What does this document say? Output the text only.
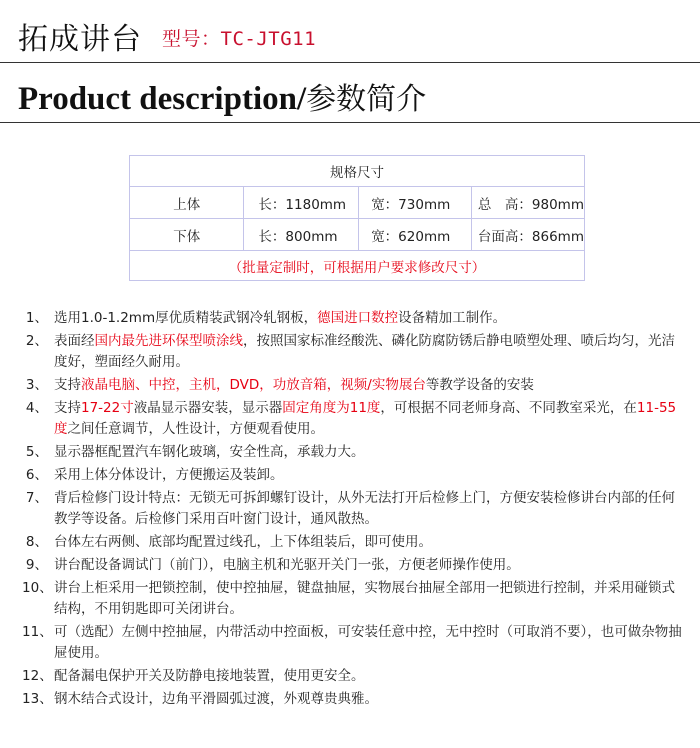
拓成讲台 型号：TC-JTG11
Product description/参数简介
规格尺寸			
上体	长：1180mm	宽：730mm	总　高：980mm
下体	长：800mm	宽：620mm	台面高：866mm
（批量定制时，可根据用户要求修改尺寸）			
1、 选用1.0-1.2mm厚优质精装武钢冷轧钢板，德国进口数控设备精加工制作。
2、 表面经国内最先进环保型喷涂线，按照国家标准经酸洗、磷化防腐防锈后静电喷塑处理、喷后均匀，光洁度好，塑面经久耐用。
3、 支持液晶电脑、中控，主机，DVD，功放音箱，视频/实物展台等教学设备的安装
4、 支持17-22寸液晶显示器安装，显示器固定角度为11度，可根据不同老师身高、不同教室采光，在11-55度之间任意调节，人性设计，方便观看使用。
5、 显示器框配置汽车钢化玻璃，安全性高，承载力大。
6、 采用上体分体设计，方便搬运及装卸。
7、 背后检修门设计特点：无锁无可拆卸螺钉设计，从外无法打开后检修上门，方便安装检修讲台内部的任何教学等设备。后检修门采用百叶窗门设计，通风散热。
8、 台体左右两侧、底部均配置过线孔，上下体组装后，即可使用。
9、 讲台配设备调试门（前门），电脑主机和光驱开关门一张，方便老师操作使用。
10、 讲台上柜采用一把锁控制，使中控抽屉，键盘抽屉，实物展台抽屉全部用一把锁进行控制，并采用碰锁式结构，不用钥匙即可关闭讲台。
11、 可（选配）左侧中控抽屉，内带活动中控面板，可安装任意中控，无中控时（可取消不要），也可做杂物抽屉使用。
12、 配备漏电保护开关及防静电接地装置，使用更安全。
13、 钢木结合式设计，边角平滑圆弧过渡，外观尊贵典雅。
